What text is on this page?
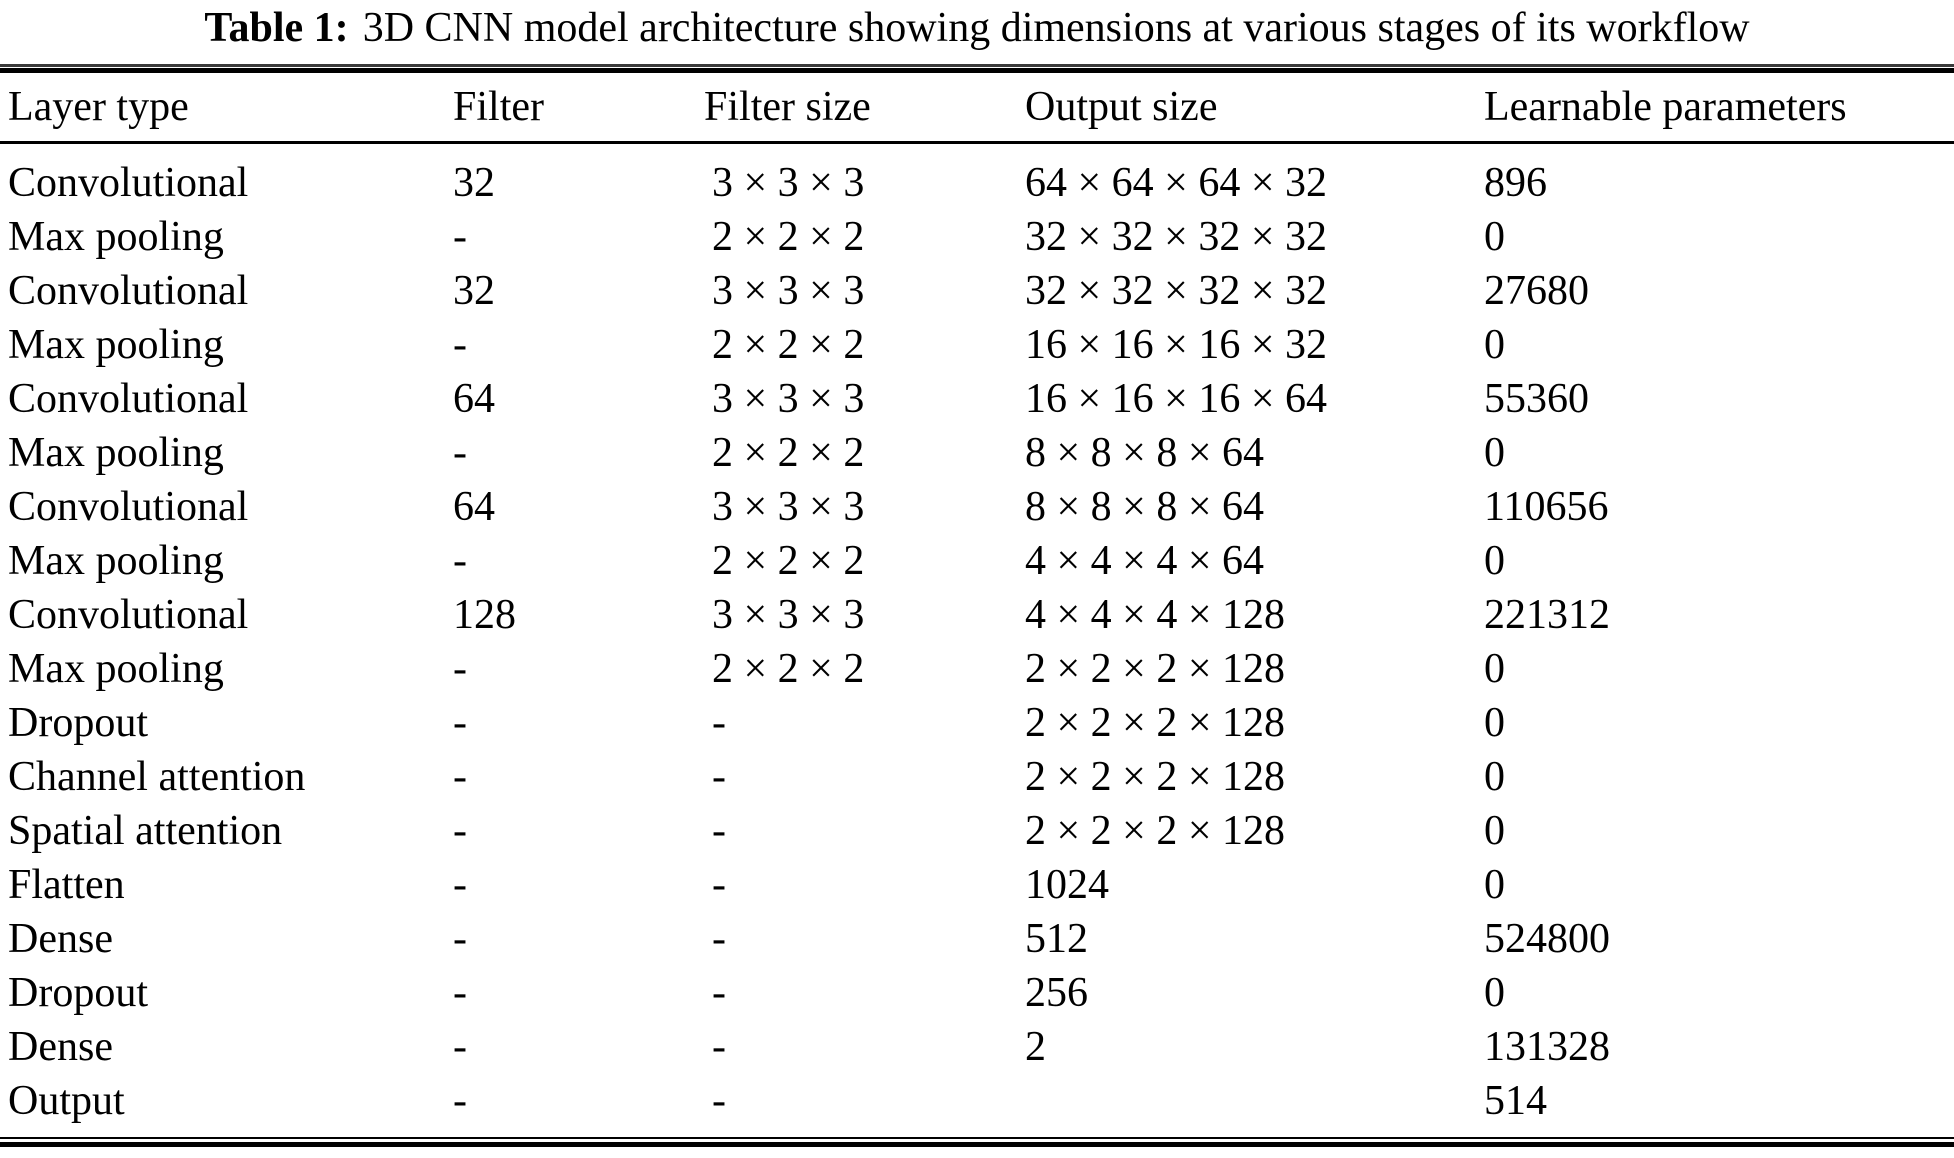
Table 1: 3D CNN model architecture showing dimensions at various stages of its workflow
Layer type	Filter	Filter size	Output size	Learnable parameters
Convolutional	32	3 × 3 × 3	64 × 64 × 64 × 32	896
Max pooling	-	2 × 2 × 2	32 × 32 × 32 × 32	0
Convolutional	32	3 × 3 × 3	32 × 32 × 32 × 32	27680
Max pooling	-	2 × 2 × 2	16 × 16 × 16 × 32	0
Convolutional	64	3 × 3 × 3	16 × 16 × 16 × 64	55360
Max pooling	-	2 × 2 × 2	8 × 8 × 8 × 64	0
Convolutional	64	3 × 3 × 3	8 × 8 × 8 × 64	110656
Max pooling	-	2 × 2 × 2	4 × 4 × 4 × 64	0
Convolutional	128	3 × 3 × 3	4 × 4 × 4 × 128	221312
Max pooling	-	2 × 2 × 2	2 × 2 × 2 × 128	0
Dropout	-	-	2 × 2 × 2 × 128	0
Channel attention	-	-	2 × 2 × 2 × 128	0
Spatial attention	-	-	2 × 2 × 2 × 128	0
Flatten	-	-	1024	0
Dense	-	-	512	524800
Dropout	-	-	256	0
Dense	-	-	2	131328
Output	-	-		514
